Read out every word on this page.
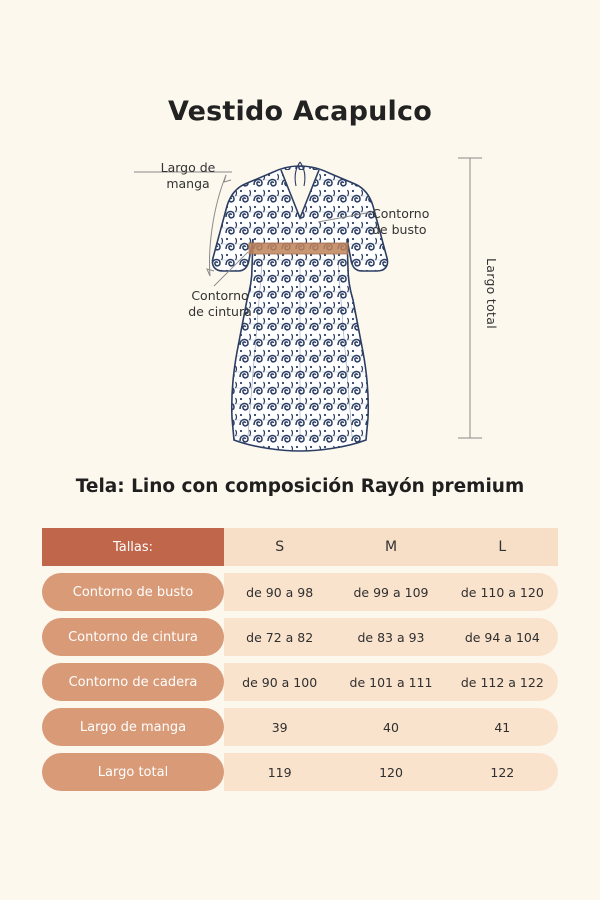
Vestido Acapulco
Largo de
manga
Contorno
de busto
Contorno
de cintura	Largo total
Tela: Lino con composición Rayón premium
Tallas:	S	M	L
Contorno de busto	de 90 a 98	de 99 a 109	de 110 a 120
Contorno de cintura	de 72 a 82	de 83 a 93	de 94 a 104
Contorno de cadera	de 90 a 100	de 101 a 111	de 112 a 122
Largo de manga	39	40	41
Largo total	119	120	122
